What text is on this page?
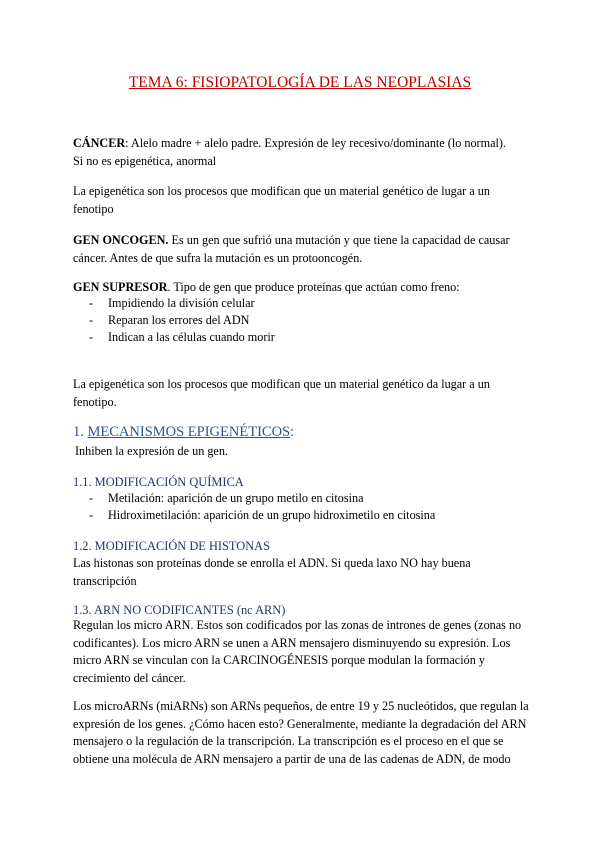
TEMA 6: FISIOPATOLOGÍA DE LAS NEOPLASIAS
CÁNCER: Alelo madre + alelo padre. Expresión de ley recesivo/dominante (lo normal).
Si no es epigenética, anormal
La epigenética son los procesos que modifican que un material genético de lugar a un
fenotipo
GEN ONCOGEN. Es un gen que sufrió una mutación y que tiene la capacidad de causar
cáncer. Antes de que sufra la mutación es un protooncogén.
GEN SUPRESOR. Tipo de gen que produce proteínas que actúan como freno:
- Impidiendo la división celular
- Reparan los errores del ADN
- Indican a las células cuando morir
La epigenética son los procesos que modifican que un material genético da lugar a un
fenotipo.
1. MECANISMOS EPIGENÉTICOS:
Inhiben la expresión de un gen.
1.1. MODIFICACIÓN QUÍMICA
- Metilación: aparición de un grupo metilo en citosina
- Hidroximetilación: aparición de un grupo hidroximetilo en citosina
1.2. MODIFICACIÓN DE HISTONAS
Las histonas son proteínas donde se enrolla el ADN. Si queda laxo NO hay buena
transcripción
1.3. ARN NO CODIFICANTES (nc ARN)
Regulan los micro ARN. Estos son codificados por las zonas de intrones de genes (zonas no
codificantes). Los micro ARN se unen a ARN mensajero disminuyendo su expresión. Los
micro ARN se vinculan con la CARCINOGÉNESIS porque modulan la formación y
crecimiento del cáncer.
Los microARNs (miARNs) son ARNs pequeños, de entre 19 y 25 nucleótidos, que regulan la
expresión de los genes. ¿Cómo hacen esto? Generalmente, mediante la degradación del ARN
mensajero o la regulación de la transcripción. La transcripción es el proceso en el que se
obtiene una molécula de ARN mensajero a partir de una de las cadenas de ADN, de modo
